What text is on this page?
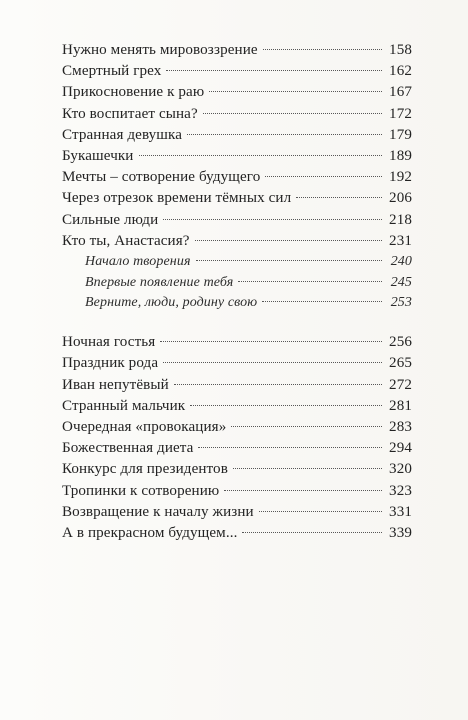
Нужно менять мировоззрение	158
Смертный грех	162
Прикосновение к раю	167
Кто воспитает сына?	172
Странная девушка	179
Букашечки	189
Мечты – сотворение будущего	192
Через отрезок времени тёмных сил	206
Сильные люди	218
Кто ты, Анастасия?	231
Начало творения	240
Впервые появление тебя	245
Верните, люди, родину свою	253
Ночная гостья	256
Праздник рода	265
Иван непутёвый	272
Странный мальчик	281
Очередная «провокация»	283
Божественная диета	294
Конкурс для президентов	320
Тропинки к сотворению	323
Возвращение к началу жизни	331
А в прекрасном будущем...	339
